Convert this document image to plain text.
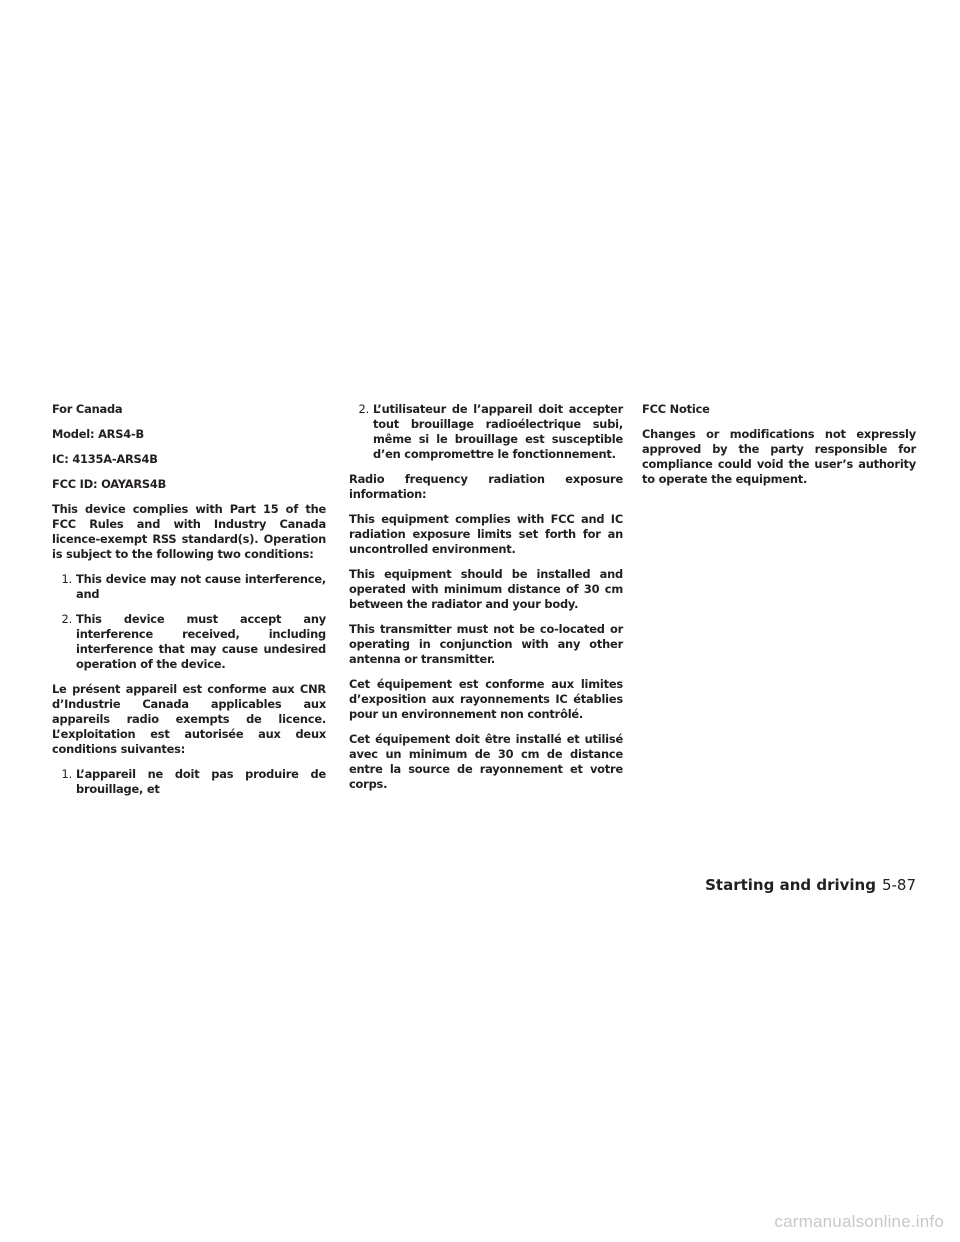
For Canada

Model: ARS4-B

IC: 4135A-ARS4B

FCC ID: OAYARS4B

This device complies with Part 15 of the FCC Rules and with Industry Canada licence-exempt RSS standard(s). Operation is subject to the following two conditions:

1. This device may not cause interference, and
2. This device must accept any interference received, including interference that may cause undesired operation of the device.

Le présent appareil est conforme aux CNR d’Industrie Canada applicables aux appareils radio exempts de licence. L’exploitation est autorisée aux deux conditions suivantes:

1. L’appareil ne doit pas produire de brouillage, et
2. L’utilisateur de l’appareil doit accepter tout brouillage radioélectrique subi, même si le brouillage est susceptible d’en compromettre le fonctionnement.

Radio frequency radiation exposure information:

This equipment complies with FCC and IC radiation exposure limits set forth for an uncontrolled environment.

This equipment should be installed and operated with minimum distance of 30 cm between the radiator and your body.

This transmitter must not be co-located or operating in conjunction with any other antenna or transmitter.

Cet équipement est conforme aux limites d’exposition aux rayonnements IC établies pour un environnement non contrôlé.

Cet équipement doit être installé et utilisé avec un minimum de 30 cm de distance entre la source de rayonnement et votre corps.

FCC Notice

Changes or modifications not expressly approved by the party responsible for compliance could void the user’s authority to operate the equipment.

Starting and driving 5-87
carmanualsonline.info
